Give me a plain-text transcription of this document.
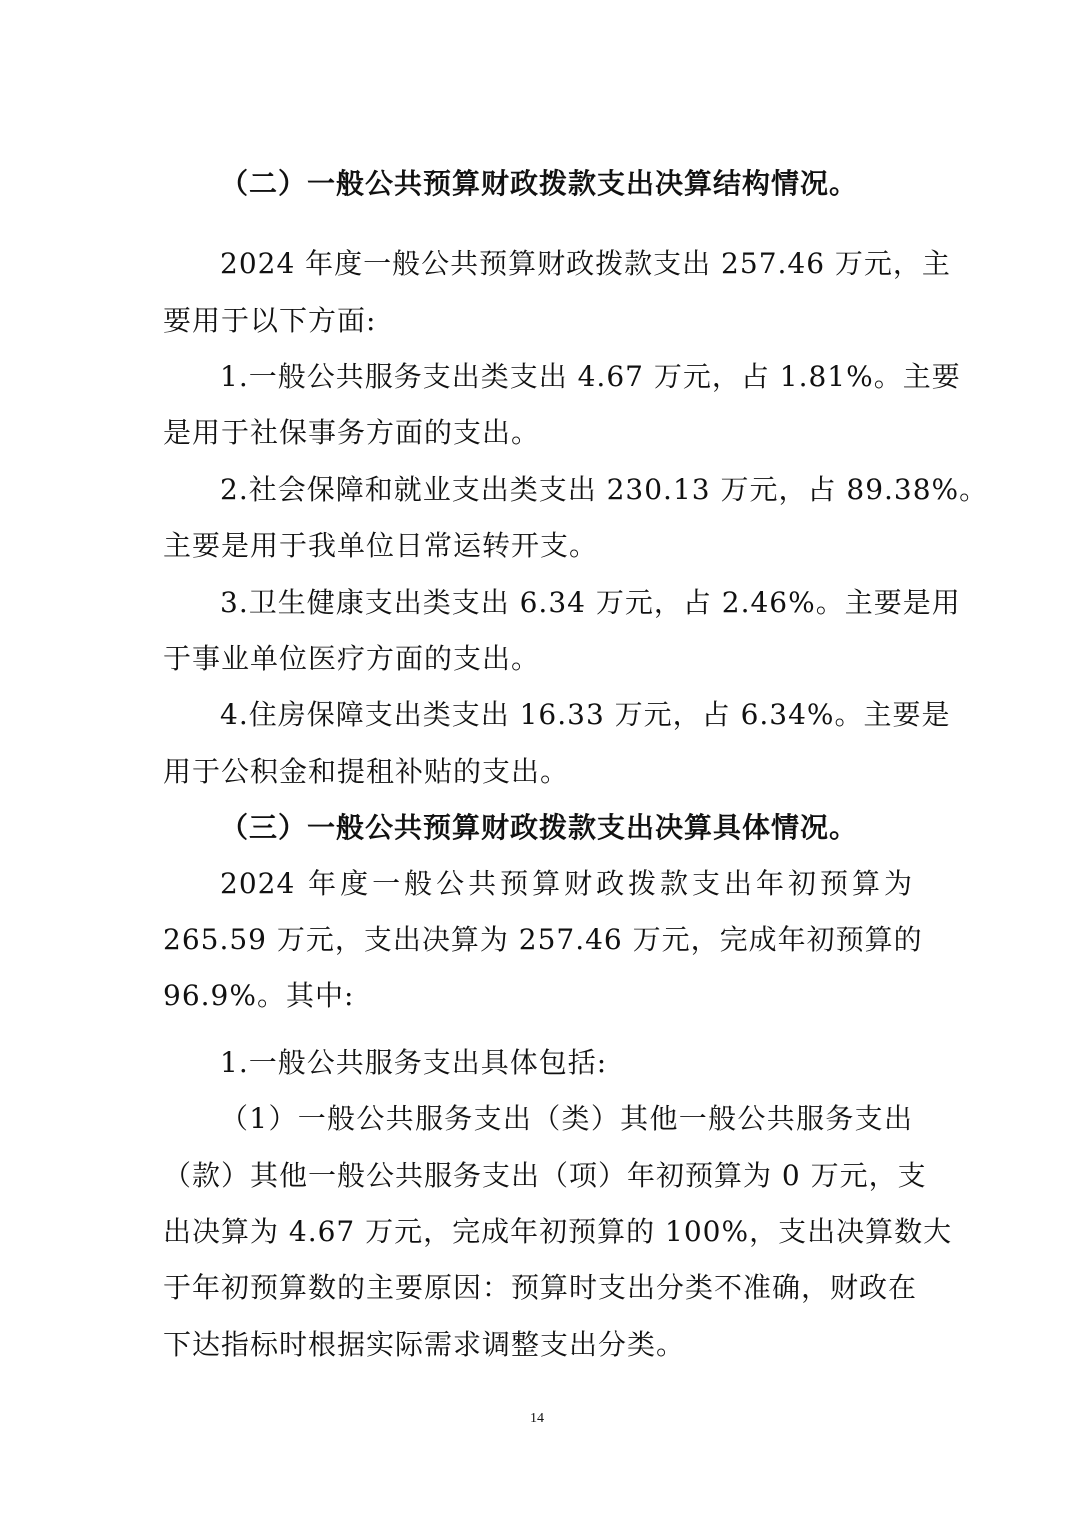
（二）一般公共预算财政拨款支出决算结构情况。
2024 年度一般公共预算财政拨款支出 257.46 万元，主
要用于以下方面:
1.一般公共服务支出类支出 4.67 万元，占 1.81%。主要
是用于社保事务方面的支出。
2.社会保障和就业支出类支出 230.13 万元，占 89.38%。
主要是用于我单位日常运转开支。
3.卫生健康支出类支出 6.34 万元，占 2.46%。主要是用
于事业单位医疗方面的支出。
4.住房保障支出类支出 16.33 万元，占 6.34%。主要是
用于公积金和提租补贴的支出。
（三）一般公共预算财政拨款支出决算具体情况。
2024 年度一般公共预算财政拨款支出年初预算为
265.59 万元，支出决算为 257.46 万元，完成年初预算的
96.9%。其中:
1.一般公共服务支出具体包括:
（1）一般公共服务支出（类）其他一般公共服务支出
（款）其他一般公共服务支出（项）年初预算为 0 万元，支
出决算为 4.67 万元，完成年初预算的 100%，支出决算数大
于年初预算数的主要原因：预算时支出分类不准确，财政在
下达指标时根据实际需求调整支出分类。
14
